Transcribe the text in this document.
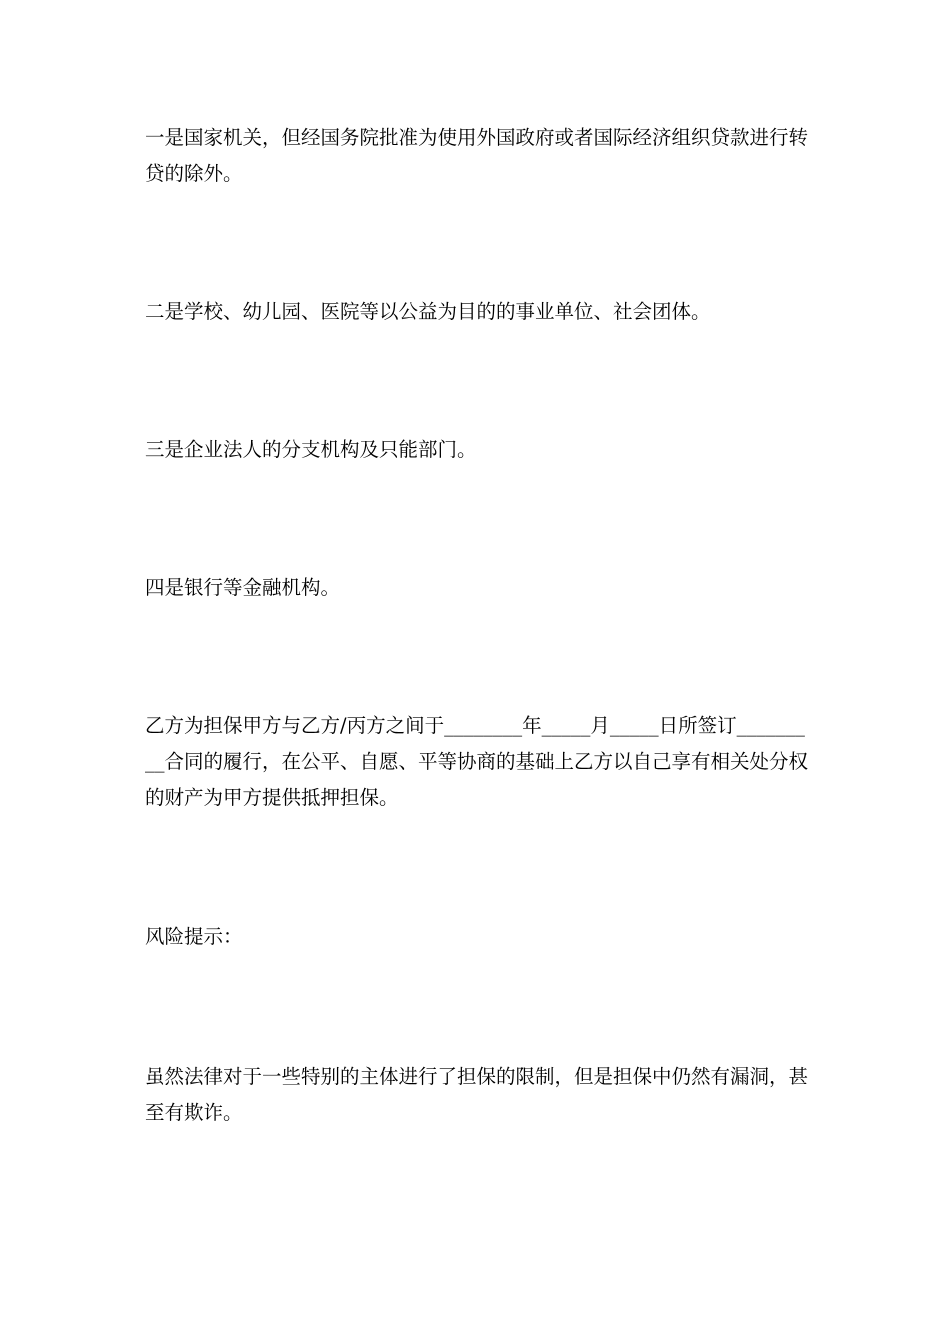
一是国家机关，但经国务院批准为使用外国政府或者国际经济组织贷款进行转
贷的除外。

二是学校、幼儿园、医院等以公益为目的的事业单位、社会团体。

三是企业法人的分支机构及只能部门。

四是银行等金融机构。

乙方为担保甲方与乙方/丙方之间于________年_____月_____日所签订_______
__合同的履行，在公平、自愿、平等协商的基础上乙方以自己享有相关处分权
的财产为甲方提供抵押担保。

风险提示：

虽然法律对于一些特别的主体进行了担保的限制，但是担保中仍然有漏洞，甚
至有欺诈。
